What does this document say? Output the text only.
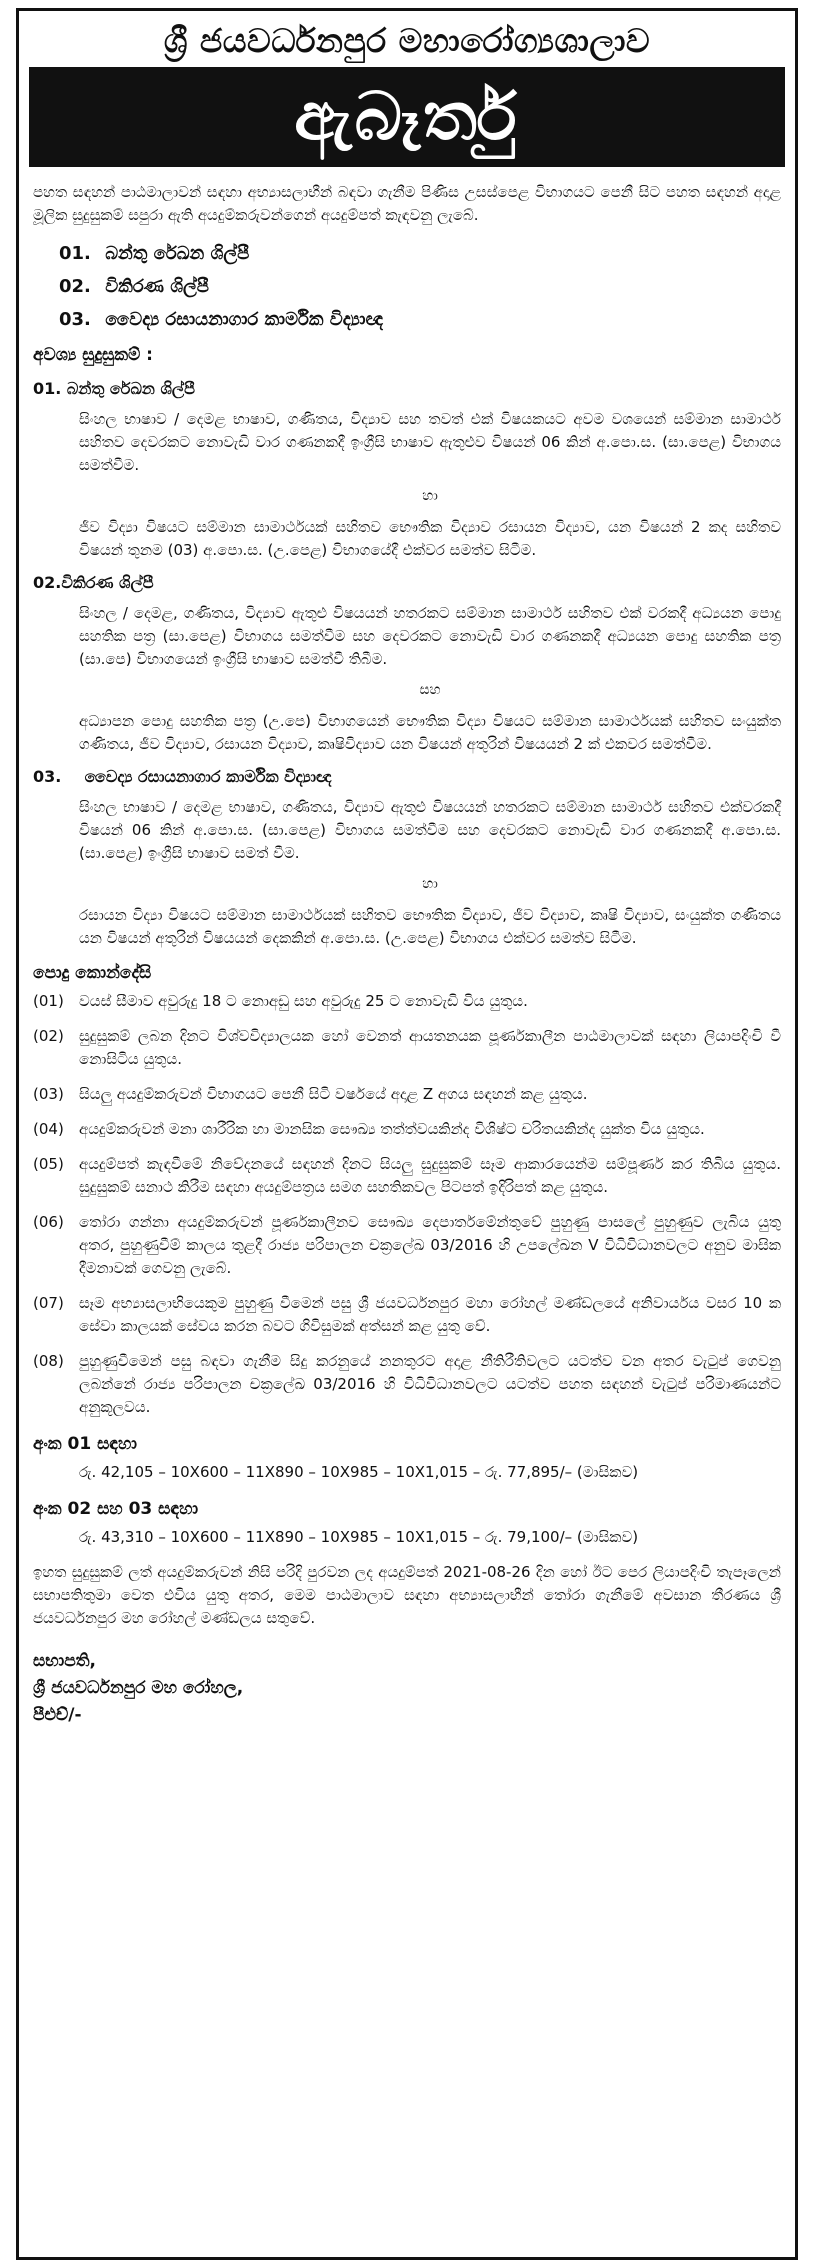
ශ්‍රී ජයවර්ධනපුර මහාරෝග්‍යශාලාව
ඇබෑර්තු

පහත සඳහන් පාඨමාලාවන් සඳහා අභ්‍යාසලාභීන් බඳවා ගැනීම පිණිස උසස්පෙළ විභාගයට පෙනී සිට පහත සඳහන් අදාළ මූලික සුදුසුකම් සපුරා ඇති අයදුම්කරුවන්ගෙන් අයදුම්පත් කැඳවනු ලැබේ.

01. බන්තු රේඛන ශිල්පී
02. විකිරණ ශිල්පී
03. වෛද්‍ය රසායනාගාර කාර්මික විද්‍යාඥ
අවශ්‍ය සුදුසුකම් :
01. බන්තු රේඛන ශිල්පී

සිංහල භාෂාව / දෙමළ භාෂාව, ගණිතය, විද්‍යාව සහ තවත් එක් විෂයකයට අවම වශයෙන් සම්මාන සාමාර්ථ සහිතව දෙවරකට නොවැඩි වාර ගණනකදී ඉංග්‍රීසි භාෂාව ඇතුළුව විෂයන් 06 කින් අ.පො.ස. (සා.පෙළ) විභාගය සමත්වීම.

හා

ජීව විද්‍යා විෂයට සම්මාන සාමාර්ථයක් සහිතව භෞතික විද්‍යාව රසායන විද්‍යාව, යන විෂයන් 2 කද සහිතව විෂයන් තුනම (03) අ.පො.ස. (උ.පෙළ) විභාගයේදී එක්වර සමත්ව සිටීම.

02.විකිරණ ශිල්පී

සිංහල / දෙමළ, ගණිතය, විද්‍යාව ඇතුළු විෂයයන් හතරකට සම්මාන සාමාර්ථ සහිතව එක් වරකදී අධ්‍යයන පොදු සහතික පත්‍ර (සා.පෙළ) විභාගය සමත්වීම සහ දෙවරකට නොවැඩි වාර ගණනකදී අධ්‍යයන පොදු සහතික පත්‍ර (සා.පෙ) විභාගයෙන් ඉංග්‍රීසි භාෂාව සමත්වී තිබීම.

සහ

අධ්‍යාපන පොදු සහතික පත්‍ර (උ.පෙ) විභාගයෙන් භෞතික විද්‍යා විෂයට සම්මාන සාමාර්ථයක් සහිතව සංයුක්ත ගණිතය, ජීව විද්‍යාව, රසායන විද්‍යාව, කෘෂිවිද්‍යාව යන විෂයන් අතුරින් විෂයයන් 2 ක් එකවර සමත්වීම.

03. වෛද්‍ය රසායනාගාර කාර්මික විද්‍යාඥ

සිංහල භාෂාව / දෙමළ භාෂාව, ගණිතය, විද්‍යාව ඇතුළු විෂයයන් හතරකට සම්මාන සාමාර්ථ සහිතව එක්වරකදී විෂයන් 06 කින් අ.පො.ස. (සා.පෙළ) විභාගය සමත්වීම සහ දෙවරකට නොවැඩි වාර ගණනකදී අ.පො.ස. (සා.පෙළ) ඉංග්‍රීසි භාෂාව සමත් වීම.

හා

රසායන විද්‍යා විෂයට සම්මාන සාමාර්ථයක් සහිතව භෞතික විද්‍යාව, ජීව විද්‍යාව, කෘෂි විද්‍යාව, සංයුක්ත ගණිතය යන විෂයන් අතුරින් විෂයයන් දෙකකින් අ.පො.ස. (උ.පෙළ) විභාගය එක්වර සමත්ව සිටීම.

පොදු කොන්දේසි
(01)	වයස් සීමාව අවුරුදු 18 ට නොඅඩු සහ අවුරුදු 25 ට නොවැඩි විය යුතුය.
(02)	සුදුසුකම් ලබන දිනට විශ්වවිද්‍යාලයක හෝ වෙනත් ආයතනයක පූර්ණකාලීන පාඨමාලාවක් සඳහා ලියාපදිංචි වී නොසිටිය යුතුය.
(03)	සියලු අයදුම්කරුවන් විභාගයට පෙනී සිටි වර්ෂයේ අදාළ Z අගය සඳහන් කළ යුතුය.
(04)	අයදුම්කරුවන් මනා ශාරීරික හා මානසික සෞඛ්‍ය තත්ත්වයකින්ද විශිෂ්ට චරිතයකින්ද යුක්ත විය යුතුය.
(05)	අයදුම්පත් කැඳවීමේ නිවේදනයේ සඳහන් දිනට සියලු සුදුසුකම් සෑම ආකාරයෙන්ම සම්පූර්ණ කර තිබිය යුතුය. සුදුසුකම් සනාථ කිරීම සඳහා අයදුම්පත්‍රය සමග සහතිකවල පිටපත් ඉදිරිපත් කළ යුතුය.
(06)	තෝරා ගන්නා අයදුම්කරුවන් පූර්ණකාලීනව සෞඛ්‍ය දෙපාර්තමේන්තුවේ පුහුණු පාසලේ පුහුණුව ලැබිය යුතු අතර, පුහුණුවීම් කාලය තුළදී රාජ්‍ය පරිපාලන චක්‍රලේඛ 03/2016 හි උපලේඛන V විධිවිධානවලට අනුව මාසික දීමනාවක් ගෙවනු ලැබේ.
(07)	සෑම අභ්‍යාසලාභියෙකුම පුහුණු වීමෙන් පසු ශ්‍රී ජයවර්ධනපුර මහා රෝහල් මණ්ඩලයේ අනිවාර්යය වසර 10 ක සේවා කාලයක් සේවය කරන බවට ගිවිසුමක් අත්සන් කළ යුතු වේ.
(08)	පුහුණුවීමෙන් පසු බඳවා ගැනීම සිදු කරනුයේ නනතුරට අදාළ නීතිරීතිවලට යටත්ව වන අතර වැටුප් ගෙවනු ලබන්නේ රාජ්‍ය පරිපාලන චක්‍රලේඛ 03/2016 හි විධිවිධානවලට යටත්ව පහත සඳහන් වැටුප් පරිමාණයන්ට අනුකූලවය.
අංක 01 සඳහා

රු. 42,105 – 10X600 – 11X890 – 10X985 – 10X1,015 – රු. 77,895/– (මාසිකව)

අංක 02 සහ 03 සඳහා

රු. 43,310 – 10X600 – 11X890 – 10X985 – 10X1,015 – රු. 79,100/– (මාසිකව)

ඉහත සුදුසුකම් ලත් අයදුම්කරුවන් නිසි පරිදි පුරවන ලද අයදුම්පත් 2021-08-26 දින හෝ ඊට පෙර ලියාපදිංචි තැපෑලෙන් සභාපතිතුමා වෙත එවිය යුතු අතර, මෙම පාඨමාලාව සඳහා අභ්‍යාසලාභීන් තෝරා ගැනීමේ අවසාන තීරණය ශ්‍රී ජයවර්ධනපුර මහ රෝහල් මණ්ඩලය සතුවේ.

සභාපති,
ශ්‍රී ජයවර්ධනපුර මහ රෝහල,
පීඑච්/-
